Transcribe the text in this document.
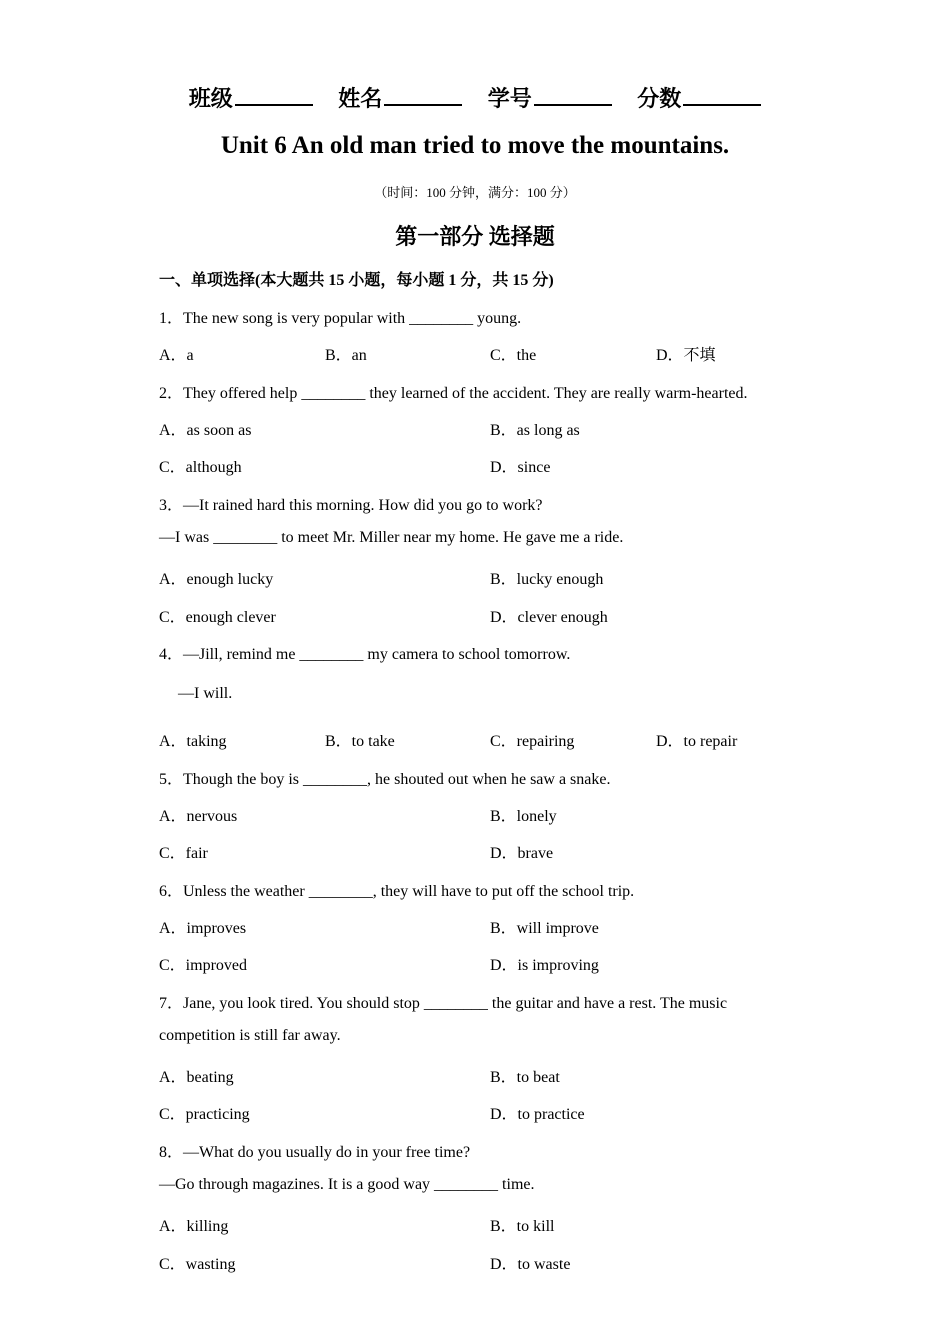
班级	姓名	学号	分数
Unit 6 An old man tried to move the mountains.
（时间：100 分钟，满分：100 分）
第一部分 选择题
一、单项选择(本大题共 15 小题，每小题 1 分，共 15 分)
1．The new song is very popular with ________ young.
A．a	B．an	C．the	D．不填
2．They offered help ________ they learned of the accident. They are really warm-hearted.
A．as soon as	B．as long as
C．although	D．since
3．—It rained hard this morning. How did you go to work?
—I was ________ to meet Mr. Miller near my home. He gave me a ride.
A．enough lucky	B．lucky enough
C．enough clever	D．clever enough
4．—Jill, remind me ________ my camera to school tomorrow.
—I will.
A．taking	B．to take	C．repairing	D．to repair
5．Though the boy is ________, he shouted out when he saw a snake.
A．nervous	B．lonely
C．fair	D．brave
6．Unless the weather ________, they will have to put off the school trip.
A．improves	B．will improve
C．improved	D．is improving
7．Jane, you look tired. You should stop ________ the guitar and have a rest. The music
competition is still far away.
A．beating	B．to beat
C．practicing	D．to practice
8．—What do you usually do in your free time?
—Go through magazines. It is a good way ________ time.
A．killing	B．to kill
C．wasting	D．to waste
